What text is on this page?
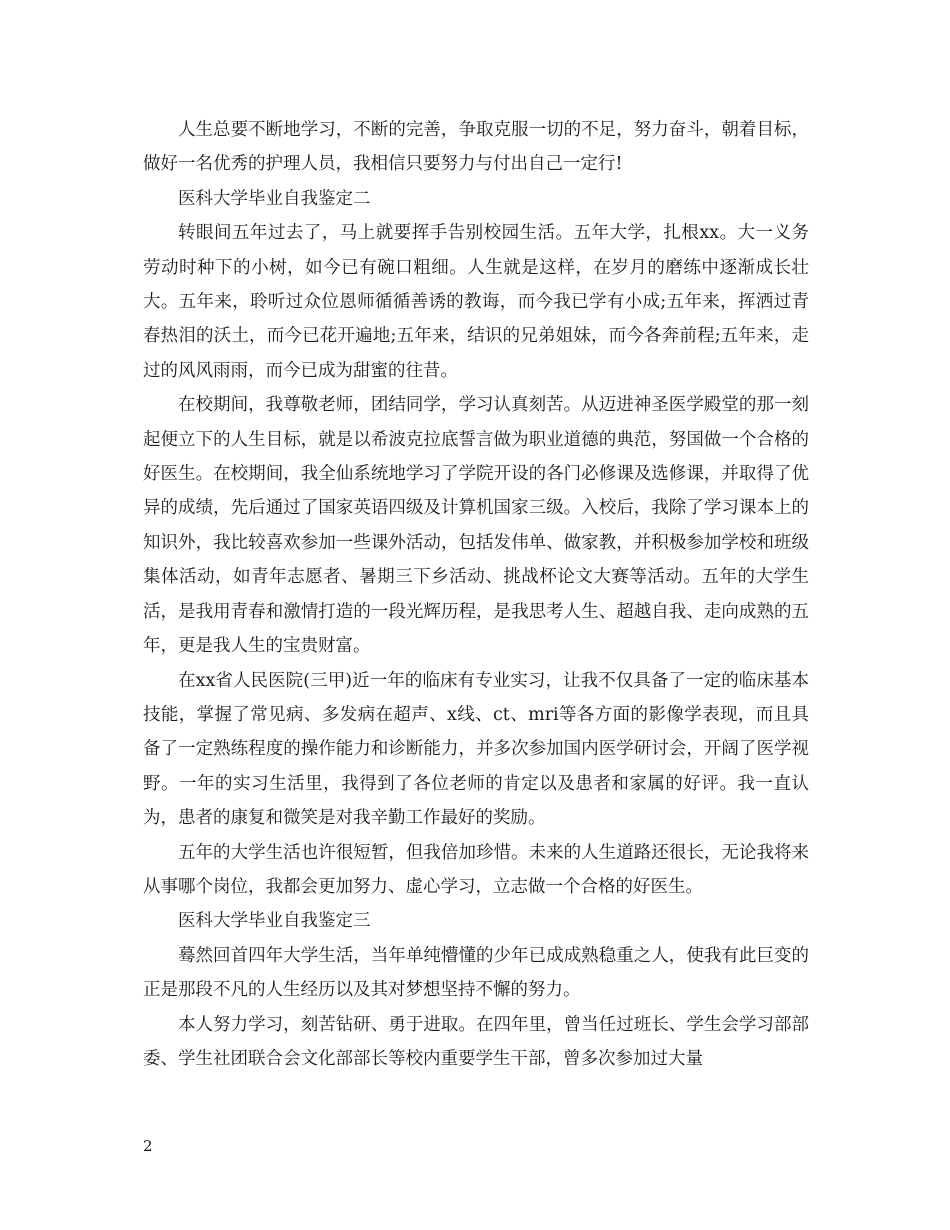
人生总要不断地学习，不断的完善，争取克服一切的不足，努力奋斗，朝着目标，做好一名优秀的护理人员，我相信只要努力与付出自己一定行!

医科大学毕业自我鉴定二

转眼间五年过去了，马上就要挥手告别校园生活。五年大学，扎根xx。大一义务劳动时种下的小树，如今已有碗口粗细。人生就是这样，在岁月的磨练中逐渐成长壮大。五年来，聆听过众位恩师循循善诱的教诲，而今我已学有小成;五年来，挥洒过青春热泪的沃土，而今已花开遍地;五年来，结识的兄弟姐妹，而今各奔前程;五年来，走过的风风雨雨，而今已成为甜蜜的往昔。

在校期间，我尊敬老师，团结同学，学习认真刻苦。从迈进神圣医学殿堂的那一刻起便立下的人生目标，就是以希波克拉底誓言做为职业道德的典范，努国做一个合格的好医生。在校期间，我全仙系统地学习了学院开设的各门必修课及选修课，并取得了优异的成绩，先后通过了国家英语四级及计算机国家三级。入校后，我除了学习课本上的知识外，我比较喜欢参加一些课外活动，包括发伟单、做家教，并积极参加学校和班级集体活动，如青年志愿者、暑期三下乡活动、挑战杯论文大赛等活动。五年的大学生活，是我用青春和激情打造的一段光辉历程，是我思考人生、超越自我、走向成熟的五年，更是我人生的宝贵财富。

在xx省人民医院(三甲)近一年的临床有专业实习，让我不仅具备了一定的临床基本技能，掌握了常见病、多发病在超声、x线、ct、mri等各方面的影像学表现，而且具备了一定熟练程度的操作能力和诊断能力，并多次参加国内医学研讨会，开阔了医学视野。一年的实习生活里，我得到了各位老师的肯定以及患者和家属的好评。我一直认为，患者的康复和微笑是对我辛勤工作最好的奖励。

五年的大学生活也许很短暂，但我倍加珍惜。未来的人生道路还很长，无论我将来从事哪个岗位，我都会更加努力、虚心学习，立志做一个合格的好医生。

医科大学毕业自我鉴定三

蓦然回首四年大学生活，当年单纯懵懂的少年已成成熟稳重之人，使我有此巨变的正是那段不凡的人生经历以及其对梦想坚持不懈的努力。

本人努力学习，刻苦钻研、勇于进取。在四年里，曾当任过班长、学生会学习部部委、学生社团联合会文化部部长等校内重要学生干部，曾多次参加过大量

2
